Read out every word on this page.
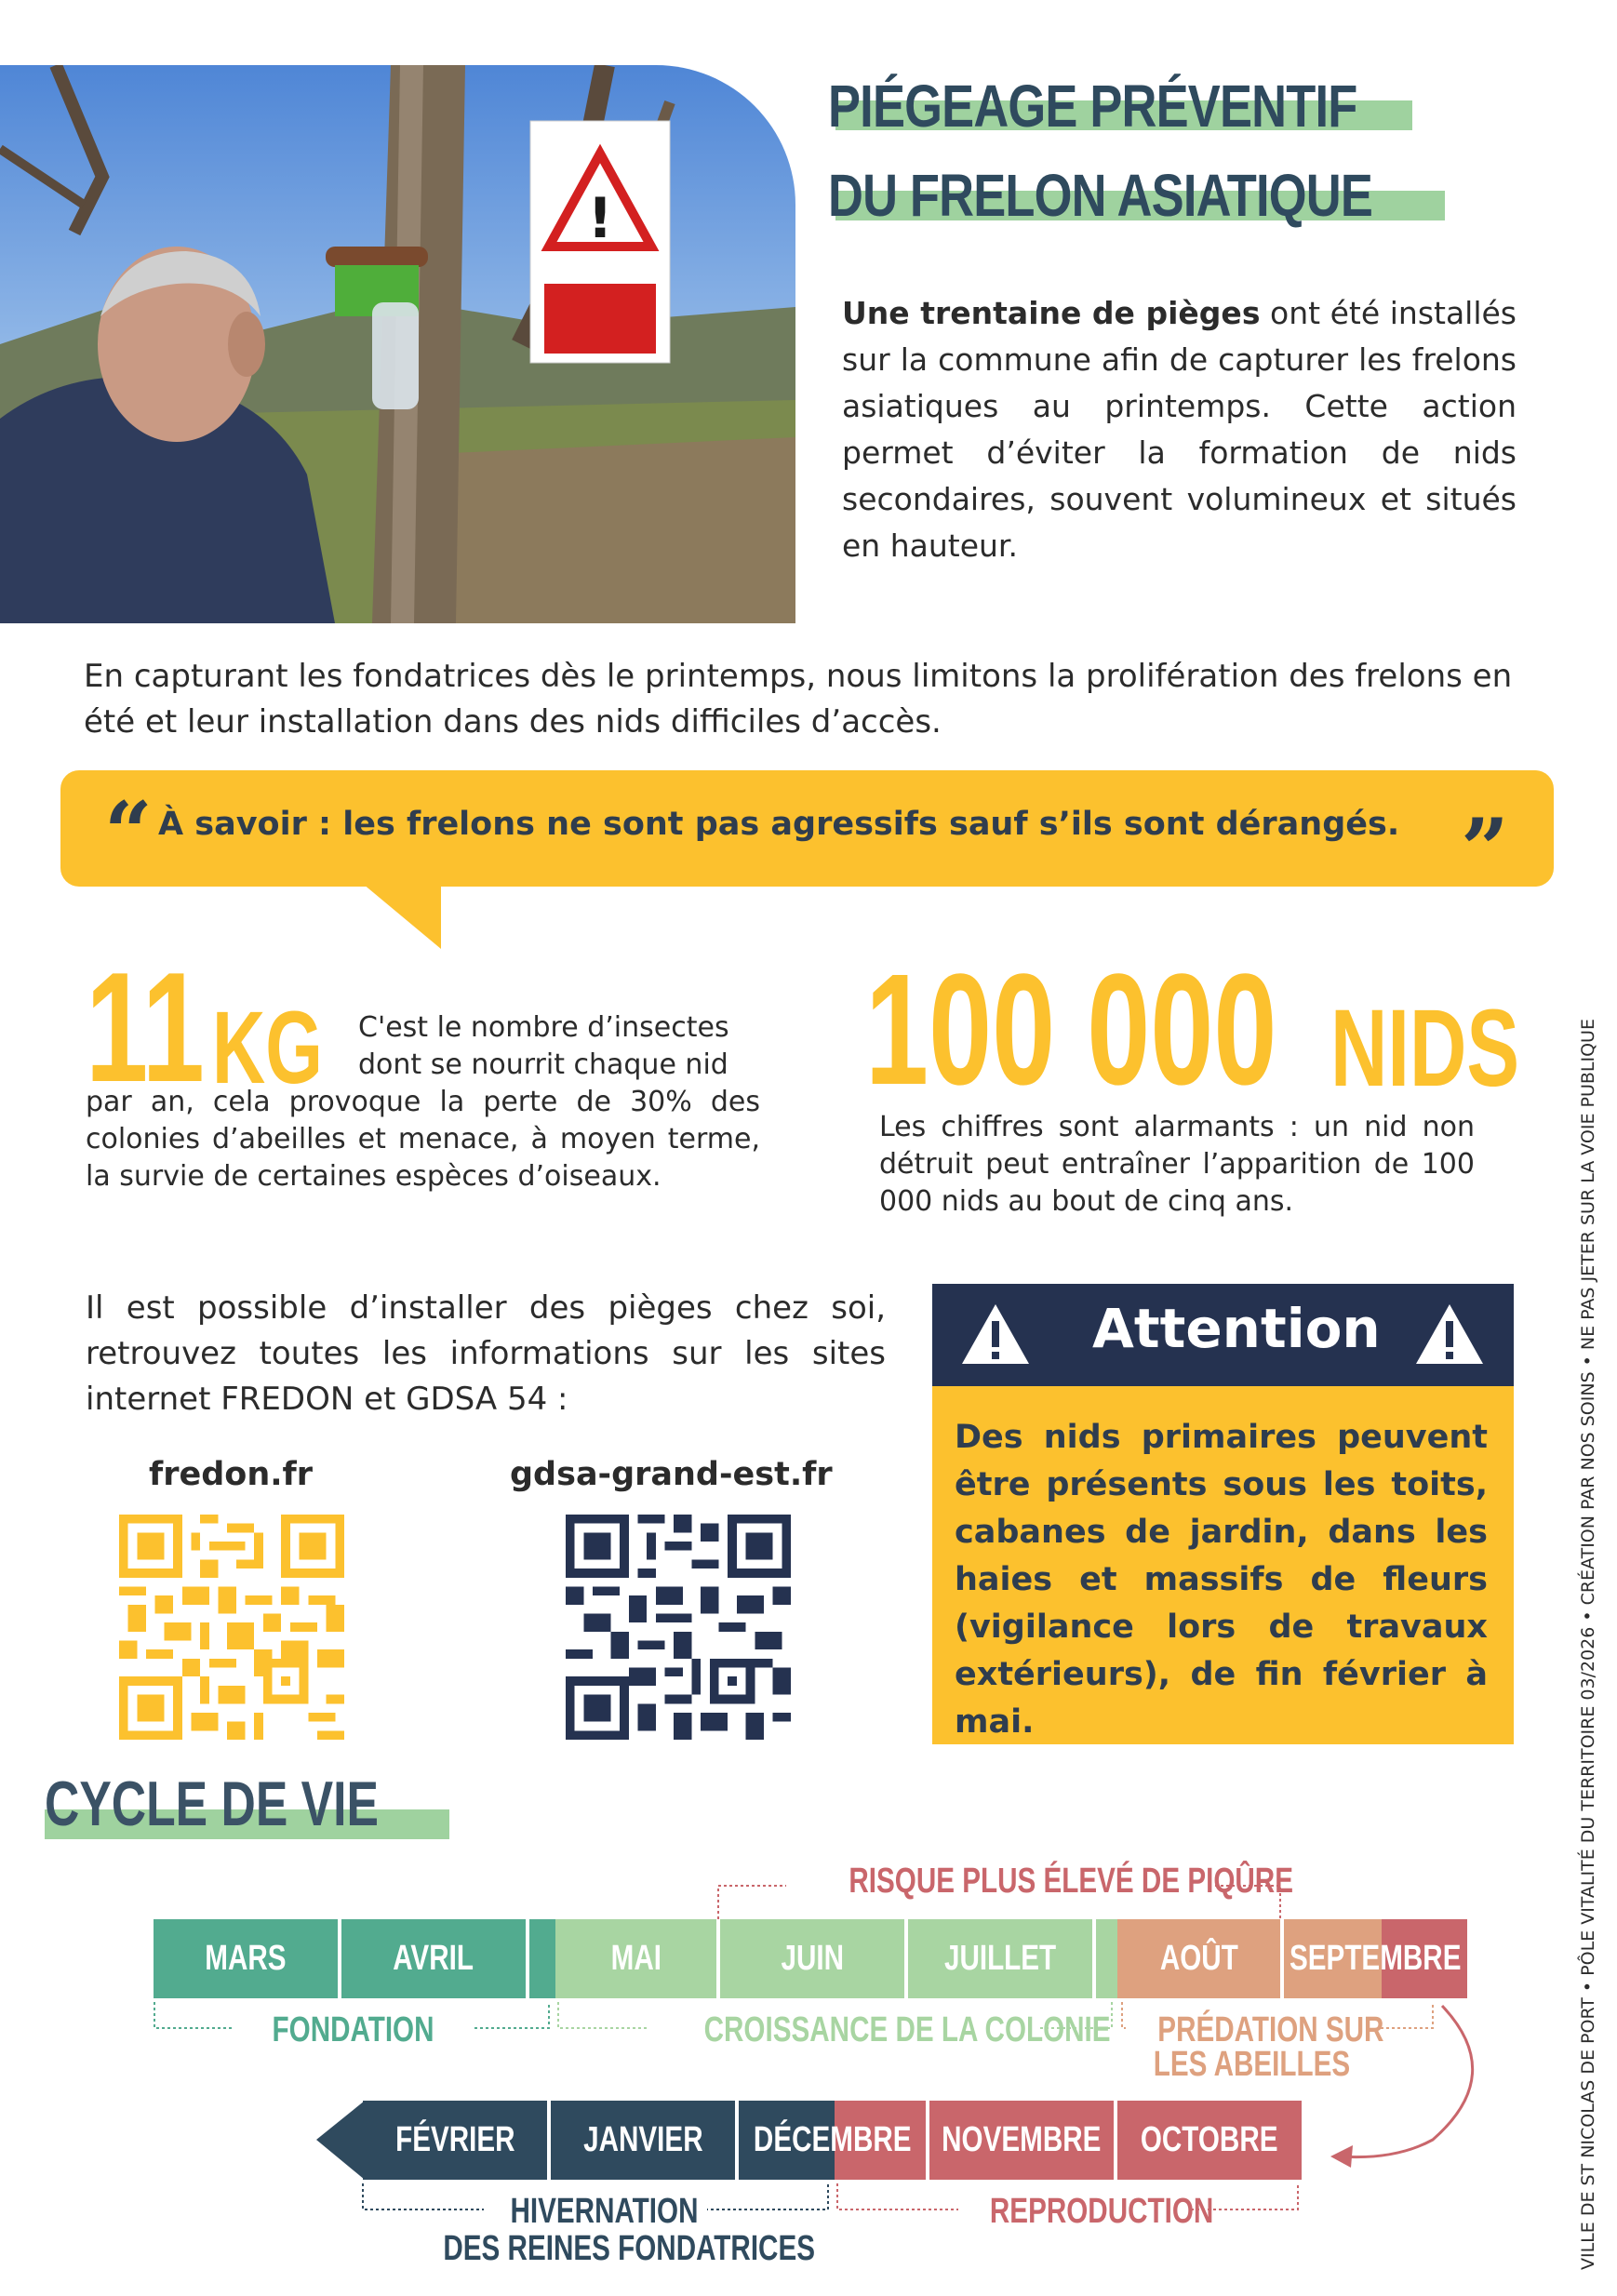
!
PIÉGEAGE PRÉVENTIF
DU FRELON ASIATIQUE
Une trentaine de pièges ont été installés sur la commune afin de capturer les frelons asiatiques au printemps. Cette action permet d’éviter la formation de nids secondaires, souvent volumineux et situés en hauteur.
En capturant les fondatrices dès le printemps, nous limitons la prolifération des frelons en été et leur installation dans des nids difficiles d’accès.
“ À savoir : les frelons ne sont pas agressifs sauf s’ils sont dérangés. ”
11 KG C'est le nombre d’insectes
dont se nourrit chaque nid
par an, cela provoque la perte de 30% des colonies d’abeilles et menace, à moyen terme, la survie de certaines espèces d’oiseaux.
100 000 NIDS
Les chiffres sont alarmants : un nid non détruit peut entraîner l’apparition de 100 000 nids au bout de cinq ans.
Il est possible d’installer des pièges chez soi, retrouvez toutes les informations sur les sites internet FREDON et GDSA 54 :
fredon.fr	gdsa-grand-est.fr
Attention
Des nids primaires peuvent être présents sous les toits, cabanes de jardin, dans les haies et massifs de fleurs (vigilance lors de travaux extérieurs), de fin février à mai.
CYCLE DE VIE
RISQUE PLUS ÉLEVÉ DE PIQÛRE
MARS	AVRIL	MAI	JUIN	JUILLET	AOÛT SEPTEMBRE
FONDATION	CROISSANCE DE LA COLONIE	PRÉDATION SUR
LES ABEILLES
FÉVRIER JANVIER DÉCEMBRE NOVEMBRE OCTOBRE
HIVERNATION
DES REINES FONDATRICES
REPRODUCTION	VILLE DE ST NICOLAS DE PORT • PÔLE VITALITÉ DU TERRITOIRE 03/2026 • CRÉATION PAR NOS SOINS • NE PAS JETER SUR LA VOIE PUBLIQUE
